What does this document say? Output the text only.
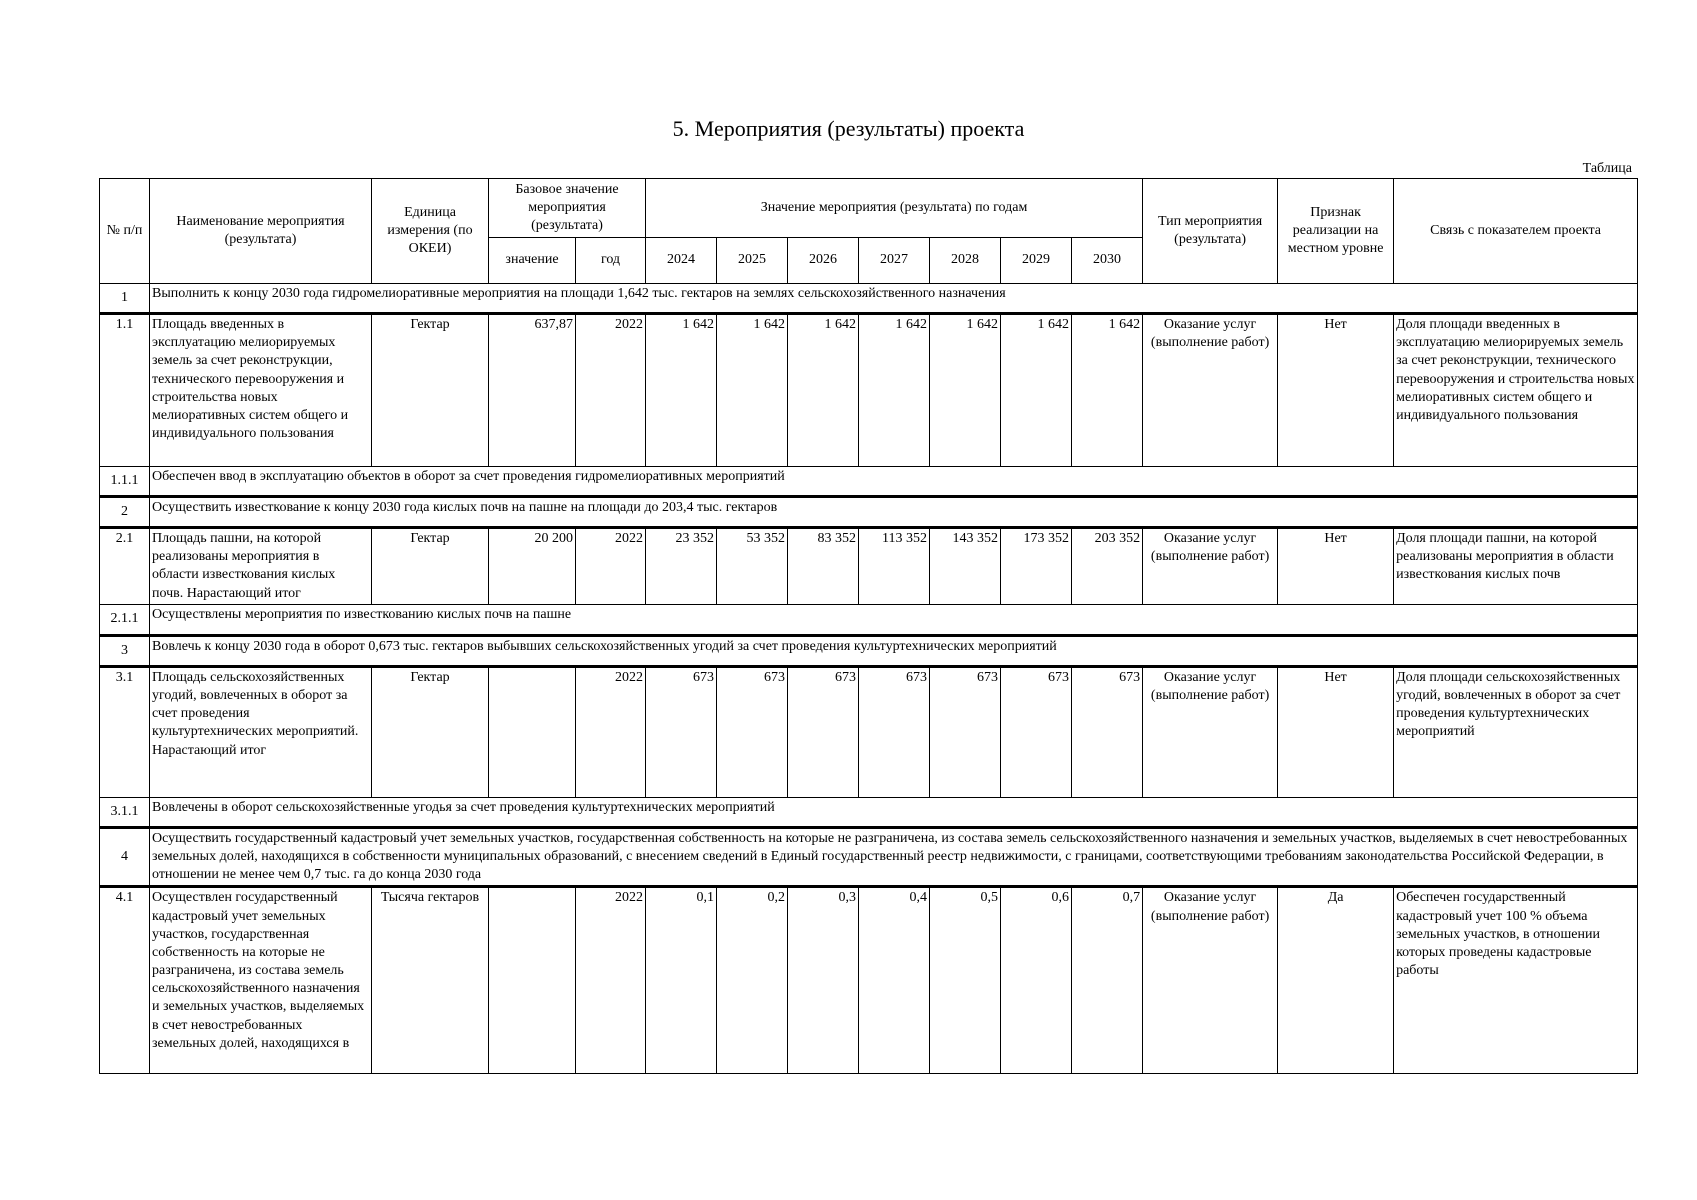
5. Мероприятия (результаты) проекта
Таблица
№ п/п	Наименование мероприятия (результата)	Единица измерения (по ОКЕИ)	Базовое значение мероприятия (результата)		Значение мероприятия (результата) по годам							Тип мероприятия (результата)	Признак реализации на местном уровне	Связь с показателем проекта
			значение	год	2024	2025	2026	2027	2028	2029	2030			
1	Выполнить к концу 2030 года гидромелиоративные мероприятия на площади 1,642 тыс. гектаров на землях сельскохозяйственного назначения													
1.1	Площадь введенных в эксплуатацию мелиорируемых земель за счет реконструкции, технического перевооружения и строительства новых мелиоративных систем общего и индивидуального пользования	Гектар	637,87	2022	1 642	1 642	1 642	1 642	1 642	1 642	1 642	Оказание услуг (выполнение работ)	Нет	Доля площади введенных в эксплуатацию мелиорируемых земель за счет реконструкции, технического перевооружения и строительства новых мелиоративных систем общего и индивидуального пользования
1.1.1	Обеспечен ввод в эксплуатацию объектов в оборот за счет проведения гидромелиоративных мероприятий													
2	Осуществить известкование к концу 2030 года кислых почв на пашне на площади до 203,4 тыс. гектаров													
2.1	Площадь пашни, на которой реализованы мероприятия в области известкования кислых почв. Нарастающий итог	Гектар	20 200	2022	23 352	53 352	83 352	113 352	143 352	173 352	203 352	Оказание услуг (выполнение работ)	Нет	Доля площади пашни, на которой реализованы мероприятия в области известкования кислых почв
2.1.1	Осуществлены мероприятия по известкованию кислых почв на пашне													
3	Вовлечь к концу 2030 года в оборот 0,673 тыс. гектаров выбывших сельскохозяйственных угодий за счет проведения культуртехнических мероприятий													
3.1	Площадь сельскохозяйственных угодий, вовлеченных в оборот за счет проведения культуртехнических мероприятий. Нарастающий итог	Гектар		2022	673	673	673	673	673	673	673	Оказание услуг (выполнение работ)	Нет	Доля площади сельскохозяйственных угодий, вовлеченных в оборот за счет проведения культуртехнических мероприятий
3.1.1	Вовлечены в оборот сельскохозяйственные угодья за счет проведения культуртехнических мероприятий													
4	Осуществить государственный кадастровый учет земельных участков, государственная собственность на которые не разграничена, из состава земель сельскохозяйственного назначения и земельных участков, выделяемых в счет невостребованных земельных долей, находящихся в собственности муниципальных образований, с внесением сведений в Единый государственный реестр недвижимости, с границами, соответствующими требованиям законодательства Российской Федерации, в отношении не менее чем 0,7 тыс. га до конца 2030 года													
4.1	Осуществлен государственный кадастровый учет земельных участков, государственная собственность на которые не разграничена, из состава земель сельскохозяйственного назначения и земельных участков, выделяемых в счет невостребованных земельных долей, находящихся в	Тысяча гектаров		2022	0,1	0,2	0,3	0,4	0,5	0,6	0,7	Оказание услуг (выполнение работ)	Да	Обеспечен государственный кадастровый учет 100 % объема земельных участков, в отношении которых проведены кадастровые работы
